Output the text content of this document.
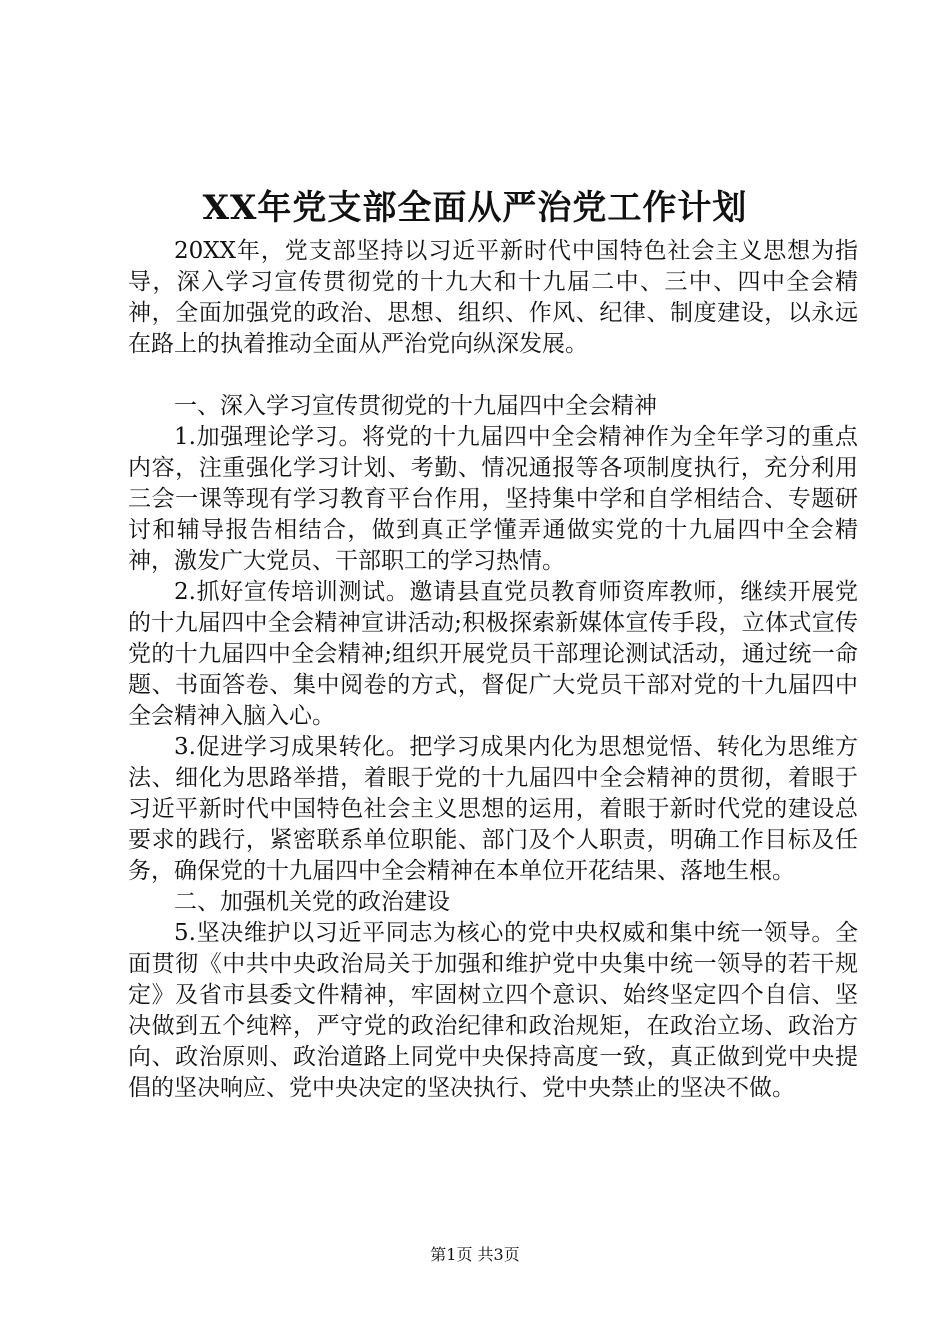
XX年党支部全面从严治党工作计划

20XX年，党支部坚持以习近平新时代中国特色社会主义思想为指导，深入学习宣传贯彻党的十九大和十九届二中、三中、四中全会精神，全面加强党的政治、思想、组织、作风、纪律、制度建设，以永远在路上的执着推动全面从严治党向纵深发展。

一、深入学习宣传贯彻党的十九届四中全会精神

1.加强理论学习。将党的十九届四中全会精神作为全年学习的重点内容，注重强化学习计划、考勤、情况通报等各项制度执行，充分利用三会一课等现有学习教育平台作用，坚持集中学和自学相结合、专题研讨和辅导报告相结合，做到真正学懂弄通做实党的十九届四中全会精神，激发广大党员、干部职工的学习热情。

2.抓好宣传培训测试。邀请县直党员教育师资库教师，继续开展党的十九届四中全会精神宣讲活动;积极探索新媒体宣传手段，立体式宣传党的十九届四中全会精神;组织开展党员干部理论测试活动，通过统一命题、书面答卷、集中阅卷的方式，督促广大党员干部对党的十九届四中全会精神入脑入心。

3.促进学习成果转化。把学习成果内化为思想觉悟、转化为思维方法、细化为思路举措，着眼于党的十九届四中全会精神的贯彻，着眼于习近平新时代中国特色社会主义思想的运用，着眼于新时代党的建设总要求的践行，紧密联系单位职能、部门及个人职责，明确工作目标及任务，确保党的十九届四中全会精神在本单位开花结果、落地生根。

二、加强机关党的政治建设

5.坚决维护以习近平同志为核心的党中央权威和集中统一领导。全面贯彻《中共中央政治局关于加强和维护党中央集中统一领导的若干规定》及省市县委文件精神，牢固树立四个意识、始终坚定四个自信、坚决做到五个纯粹，严守党的政治纪律和政治规矩，在政治立场、政治方向、政治原则、政治道路上同党中央保持高度一致，真正做到党中央提倡的坚决响应、党中央决定的坚决执行、党中央禁止的坚决不做。

第1页 共3页
